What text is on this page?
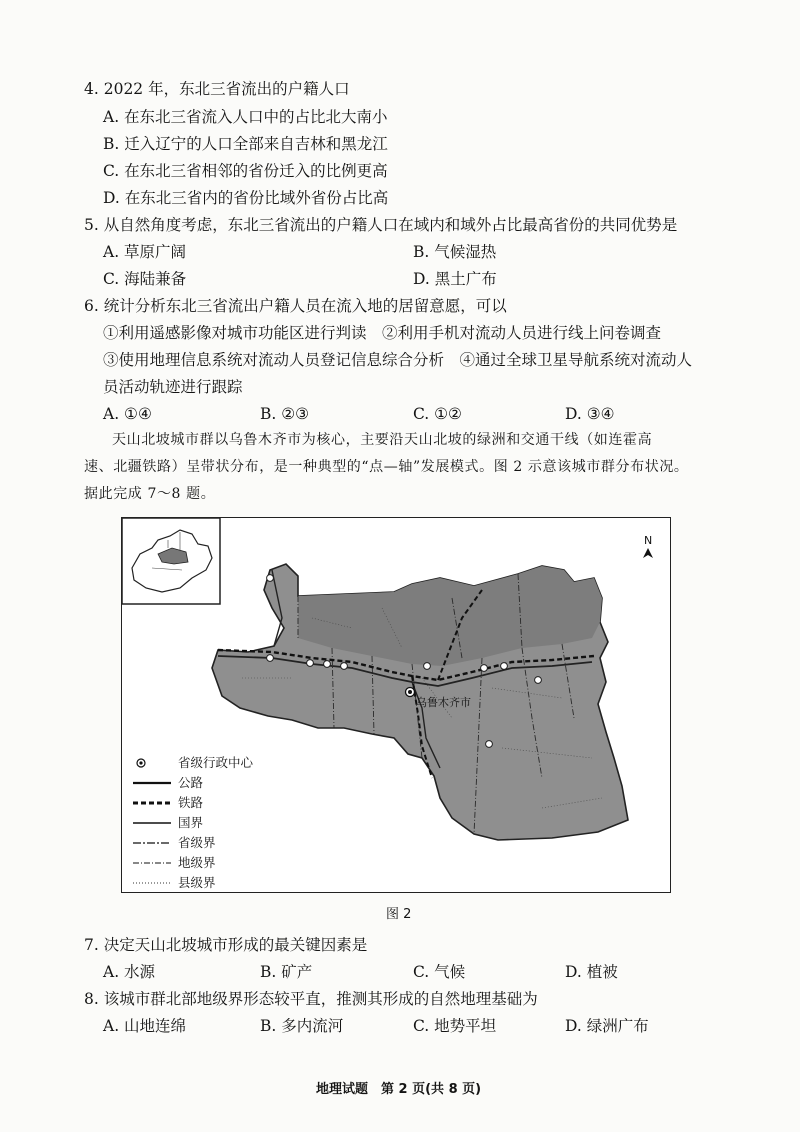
4. 2022 年，东北三省流出的户籍人口
A. 在东北三省流入人口中的占比北大南小
B. 迁入辽宁的人口全部来自吉林和黑龙江
C. 在东北三省相邻的省份迁入的比例更高
D. 在东北三省内的省份比域外省份占比高
5. 从自然角度考虑，东北三省流出的户籍人口在域内和域外占比最高省份的共同优势是
A. 草原广阔	B. 气候湿热
C. 海陆兼备	D. 黑土广布
6. 统计分析东北三省流出户籍人员在流入地的居留意愿，可以
①利用遥感影像对城市功能区进行判读　②利用手机对流动人员进行线上问卷调查
③使用地理信息系统对流动人员登记信息综合分析　④通过全球卫星导航系统对流动人
员活动轨迹进行跟踪
A. ①④	B. ②③	C. ①②	D. ③④
天山北坡城市群以乌鲁木齐市为核心，主要沿天山北坡的绿洲和交通干线（如连霍高
速、北疆铁路）呈带状分布，是一种典型的“点—轴”发展模式。图 2 示意该城市群分布状况。
据此完成 7～8 题。
N
乌鲁木齐市
省级行政中心
公路
铁路
国界
省级界
地级界
县级界
图 2
7. 决定天山北坡城市形成的最关键因素是
A. 水源	B. 矿产	C. 气候	D. 植被
8. 该城市群北部地级界形态较平直，推测其形成的自然地理基础为
A. 山地连绵	B. 多内流河	C. 地势平坦	D. 绿洲广布
地理试题　第 2 页(共 8 页)
